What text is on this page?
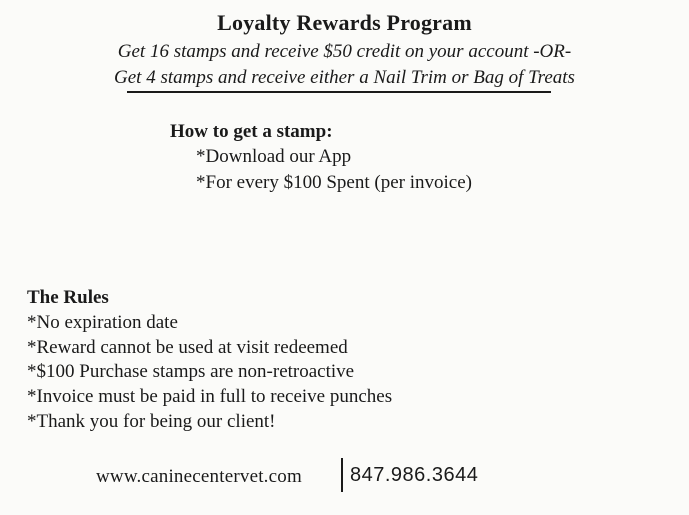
Loyalty Rewards Program
Get 16 stamps and receive $50 credit on your account -OR-
Get 4 stamps and receive either a Nail Trim or Bag of Treats
How to get a stamp:
*Download our App
*For every $100 Spent (per invoice)
The Rules
*No expiration date
*Reward cannot be used at visit redeemed
*$100 Purchase stamps are non-retroactive
*Invoice must be paid in full to receive punches
*Thank you for being our client!
www.caninecentervet.com 847.986.3644
